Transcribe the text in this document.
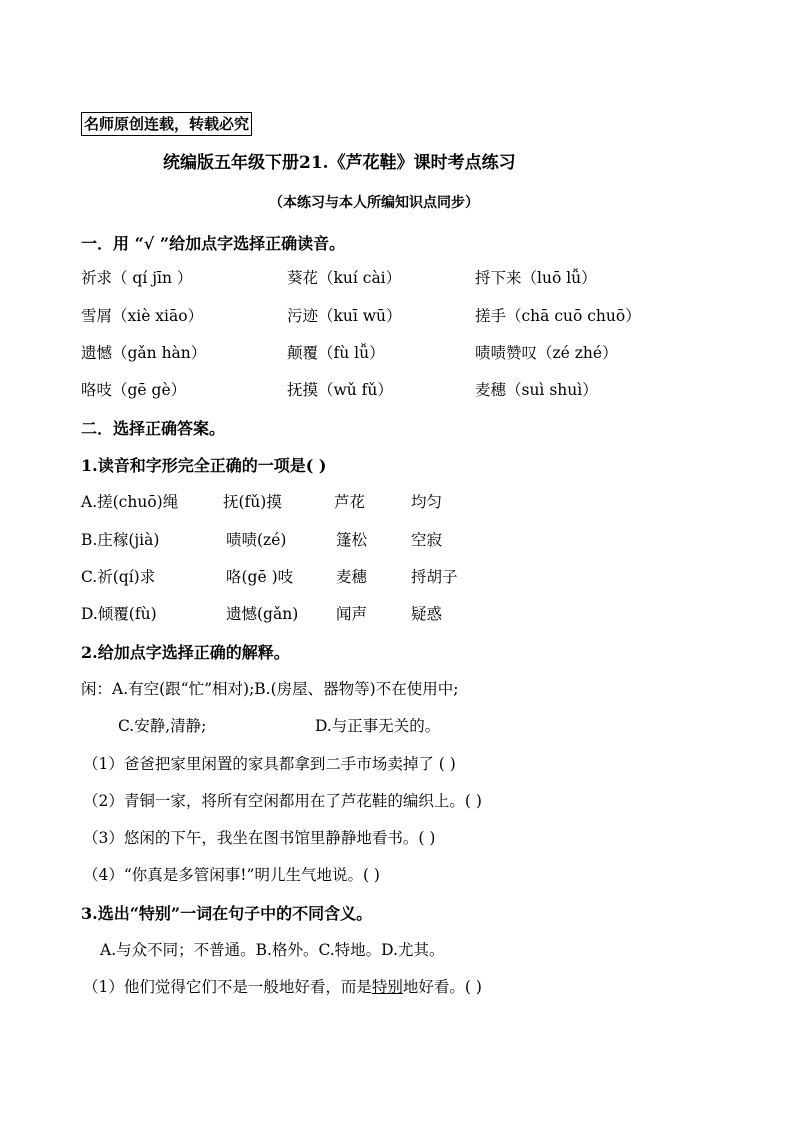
名师原创连载，转载必究
统编版五年级下册21.《芦花鞋》课时考点练习
（本练习与本人所编知识点同步）
一．用 “√ ”给加点字选择正确读音。
祈求（ qí jīn ）	葵花（kuí cài）	捋下来（luō lǚ）
雪屑（xiè xiāo）	污迹（kuī wū）	搓手（chā cuō chuō）
遗憾（gǎn hàn）	颠覆（fù lǚ）	啧啧赞叹（zé zhé）
咯吱（gē gè）	抚摸（wǔ fǔ）	麦穗（suì shuì）
二．选择正确答案。
1.读音和字形完全正确的一项是( )
A.搓(chuō)绳	抚(fǔ)摸	芦花	均匀
B.庄稼(jià)	啧啧(zé)	篷松	空寂
C.祈(qí)求	咯(gē )吱	麦穗	捋胡子
D.倾覆(fù)	遗憾(gǎn) 闻声	疑惑
2.给加点字选择正确的解释。
闲：A.有空(跟“忙”相对);B.(房屋、器物等)不在使用中;
C.安静,清静;	D.与正事无关的。
（1）爸爸把家里闲置的家具都拿到二手市场卖掉了 ( )
（2）青铜一家，将所有空闲都用在了芦花鞋的编织上。( )
（3）悠闲的下午，我坐在图书馆里静静地看书。( )
（4）“你真是多管闲事!”明儿生气地说。( )
3.选出“特别”一词在句子中的不同含义。
A.与众不同；不普通。B.格外。C.特地。D.尤其。
（1）他们觉得它们不是一般地好看，而是特别地好看。( )
